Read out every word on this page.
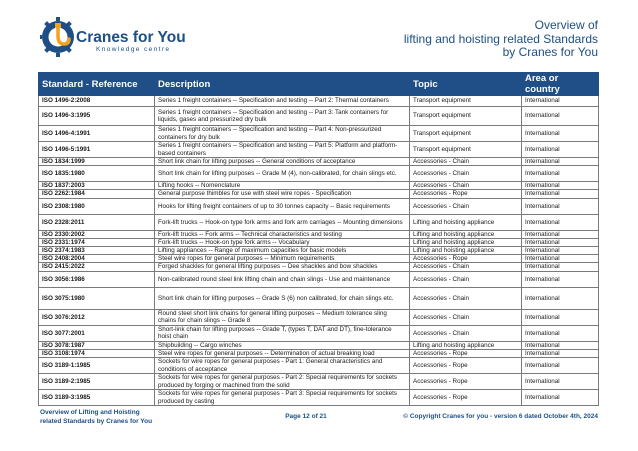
Cranes for You
Knowledge centre
Overview of
lifting and hoisting related Standards
by Cranes for You
Standard - Reference	Description	Topic	Area or country
ISO 1496-2:2008	Series 1 freight containers -- Specification and testing -- Part 2: Thermal containers	Transport equipment	International
ISO 1496-3:1995	Series 1 freight containers -- Specification and testing -- Part 3: Tank containers for liquids, gases and pressurized dry bulk	Transport equipment	International
ISO 1496-4:1991	Series 1 freight containers -- Specification and testing -- Part 4: Non-pressurized containers for dry bulk	Transport equipment	International
ISO 1496-5:1991	Series 1 freight containers -- Specification and testing -- Part 5: Platform and platform-based containers	Transport equipment	International
ISO 1834:1999	Short link chain for lifting purposes -- General conditions of acceptance	Accessories - Chain	International
ISO 1835:1980	Short link chain for lifting purposes -- Grade M (4), non-calibrated, for chain slings etc.	Accessories - Chain	International
ISO 1837:2003	Lifting hooks -- Nomenclature	Accessories - Chain	International
ISO 2262:1984	General purpose thimbles for use with steel wire ropes - Specification	Accessories - Rope	International
ISO 2308:1980	Hooks for lifting freight containers of up to 30 tonnes capacity -- Basic requirements	Accessories - Chain	International
ISO 2328:2011	Fork-lift trucks -- Hook-on type fork arms and fork arm carriages -- Mounting dimensions	Lifting and hoisting appliance	International
ISO 2330:2002	Fork-lift trucks -- Fork arms -- Technical characteristics and testing	Lifting and hoisting appliance	International
ISO 2331:1974	Fork-lift trucks -- Hook-on type fork arms -- Vocabulary	Lifting and hoisting appliance	International
ISO 2374:1983	Lifting appliances -- Range of maximum capacities for basic models	Lifting and hoisting appliance	International
ISO 2408:2004	Steel wire ropes for general purposes -- Minimum requirements	Accessories - Rope	International
ISO 2415:2022	Forged shackles for general lifting purposes -- Dee shackles and bow shackles	Accessories - Chain	International
ISO 3056:1986	Non-calibrated round steel link lifting chain and chain slings - Use and maintenance	Accessories - Chain	International
ISO 3075:1980	Short link chain for lifting purposes -- Grade S (6) non calibrated, for chain slings etc.	Accessories - Chain	International
ISO 3076:2012	Round steel short link chains for general lifting purposes -- Medium tolerance sling chains for chain slings -- Grade 8	Accessories - Chain	International
ISO 3077:2001	Short-link chain for lifting purposes -- Grade T, (types T, DAT and DT), fine-tolerance hoist chain	Accessories - Chain	International
ISO 3078:1987	Shipbuilding -- Cargo winches	Lifting and hoisting appliance	International
ISO 3108:1974	Steel wire ropes for general purposes -- Determination of actual breaking load	Accessories - Rope	International
ISO 3189-1:1985	Sockets for wire ropes for general purposes - Part 1: General characteristics and conditions of acceptance	Accessories - Rope	International
ISO 3189-2:1985	Sockets for wire ropes for general purposes - Part 2: Special requirements for sockets produced by forging or machined from the solid	Accessories - Rope	International
ISO 3189-3:1985	Sockets for wire ropes for general purposes - Part 3: Special requirements for sockets produced by casting	Accessories - Rope	International
Overview of Lifting and Hoisting
related Standards by Cranes for You
Page 12 of 21	© Copyright Cranes for you - version 6 dated October 4th, 2024
